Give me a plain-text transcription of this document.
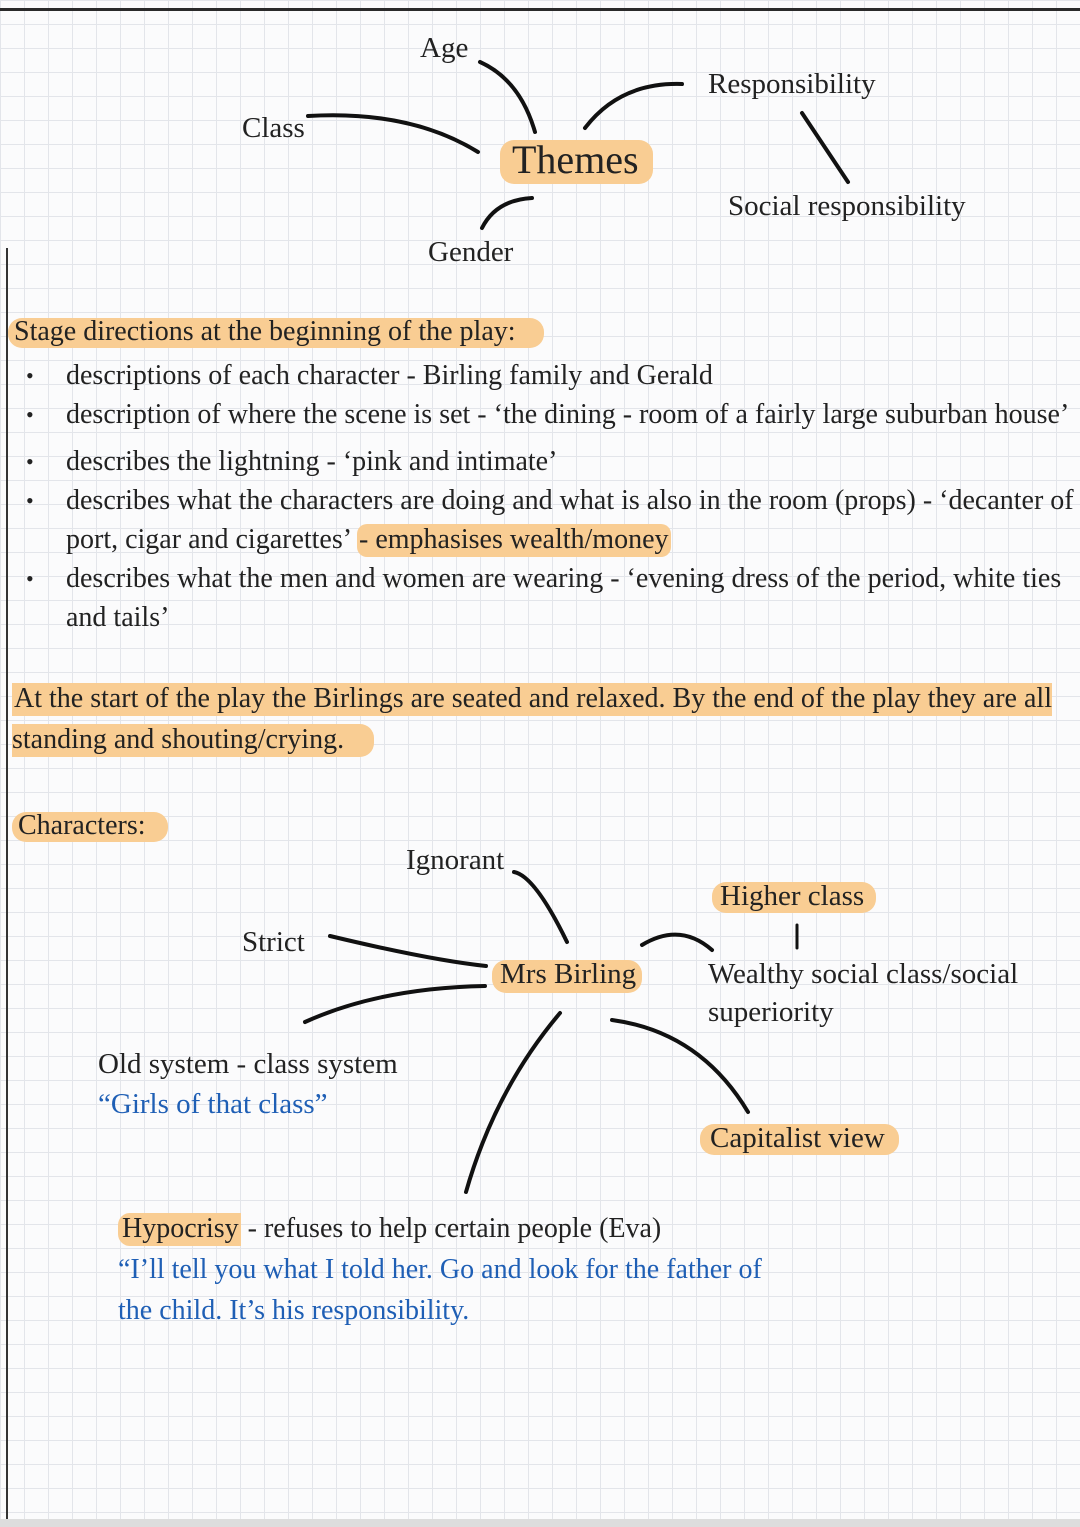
Age
Responsibility
Class
Themes
Social responsibility
Gender
Stage directions at the beginning of the play:
• descriptions of each character - Birling family and Gerald
• description of where the scene is set - ‘the dining - room of a fairly large suburban house’
• describes the lightning - ‘pink and intimate’
• describes what the characters are doing and what is also in the room (props) - ‘decanter of port, cigar and cigarettes’ - emphasises wealth/money
• describes what the men and women are wearing - ‘evening dress of the period, white ties and tails’
At the start of the play the Birlings are seated and relaxed. By the end of the play they are all standing and shouting/crying.
Characters:
Ignorant
Higher class
Strict
Mrs Birling Wealthy social class/social
superiority
Old system - class system
“Girls of that class”
Capitalist view
Hypocrisy - refuses to help certain people (Eva)
“I’ll tell you what I told her. Go and look for the father of
the child. It’s his responsibility.
